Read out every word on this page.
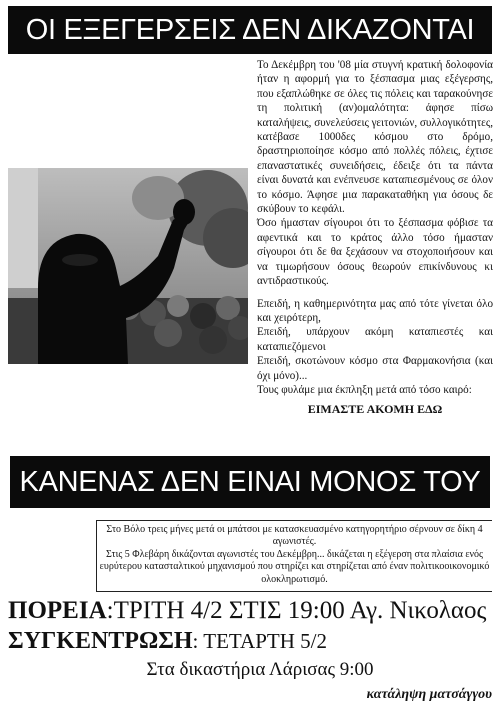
ΟΙ ΕΞΕΓΕΡΣΕΙΣ ΔΕΝ ΔΙΚΑΖΟΝΤΑΙ

Το Δεκέμβρη του '08 μία στυγνή κρατική δολοφονία ήταν η αφορμή για το ξέσπασμα μιας εξέγερσης, που εξαπλώθηκε σε όλες τις πόλεις και ταρακούνησε τη πολιτική (αν)ομαλότητα: άφησε πίσω καταλήψεις, συνελεύσεις γειτονιών, συλλογικότητες, κατέβασε 1000δες κόσμου στο δρόμο, δραστηριοποίησε κόσμο από πολλές πόλεις, έχτισε επαναστατικές συνειδήσεις, έδειξε ότι τα πάντα είναι δυνατά και ενέπνευσε καταπιεσμένους σε όλον το κόσμο. Άφησε μια παρακαταθήκη για όσους δε σκύβουν το κεφάλι.

Όσο ήμασταν σίγουροι ότι το ξέσπασμα φόβισε τα αφεντικά και το κράτος άλλο τόσο ήμασταν σίγουροι ότι δε θα ξεχάσουν να στοχοποιήσουν και να τιμωρήσουν όσους θεωρούν επικίνδυνους κι αντιδραστικούς.

Επειδή, η καθημερινότητα μας από τότε γίνεται όλο και χειρότερη,

Επειδή, υπάρχουν ακόμη καταπιεστές και καταπιεζόμενοι

Επειδή, σκοτώνουν κόσμο στα Φαρμακονήσια (και όχι μόνο)...

Τους φυλάμε μια έκπληξη μετά από τόσο καιρό:

ΕΙΜΑΣΤΕ ΑΚΟΜΗ ΕΔΩ

ΚΑΝΕΝΑΣ ΔΕΝ ΕΙΝΑΙ ΜΟΝΟΣ ΤΟΥ

Στο Βόλο τρεις μήνες μετά οι μπάτσοι με κατασκευασμένο κατηγορητήριο σέρνουν σε δίκη 4 αγωνιστές.

Στις 5 Φλεβάρη δικάζονται αγωνιστές του Δεκέμβρη... δικάζεται η εξέγερση στα πλαίσια ενός ευρύτερου κατασταλτικού μηχανισμού που στηρίζει και στηρίζεται από έναν πολιτικοοικονομικό ολοκληρωτισμό.

ΠΟΡΕΙΑ:ΤΡΙΤΗ 4/2 ΣΤΙΣ 19:00 Αγ. Νικολαος
ΣΥΓΚΕΝΤΡΩΣΗ: ΤΕΤΑΡΤΗ 5/2
Στα δικαστήρια Λάρισας 9:00
κατάληψη ματσάγγου
